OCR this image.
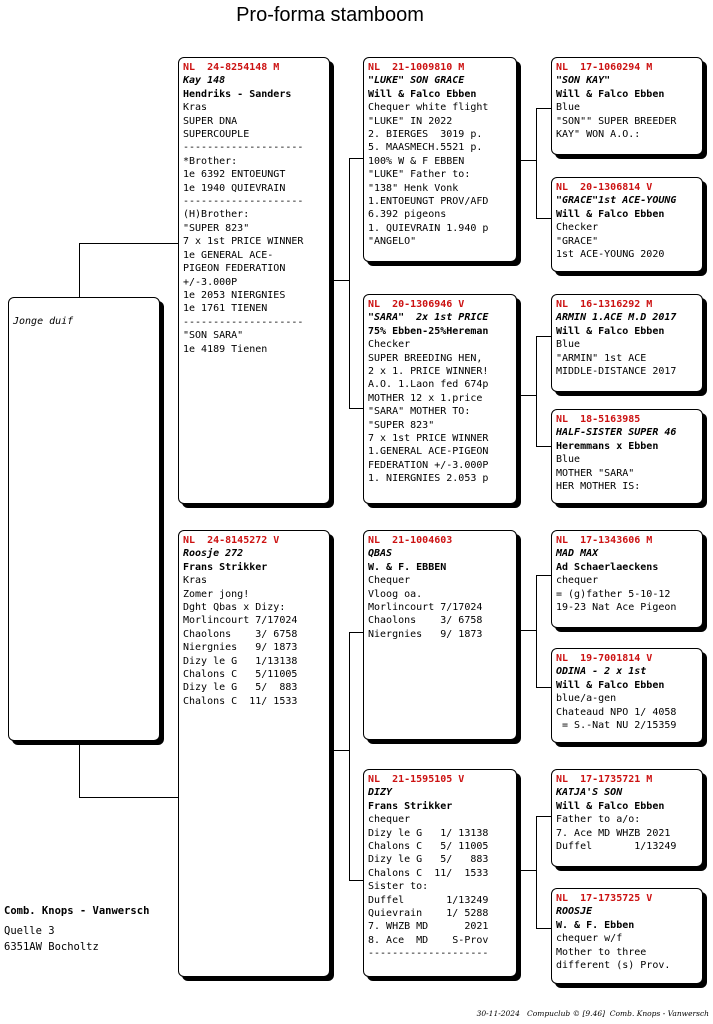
Pro-forma stamboom
Jonge duif
NL  24-8254148 M
Kay 148
Hendriks - Sanders
Kras
SUPER DNA
SUPERCOUPLE
--------------------
*Brother:
1e 6392 ENTOEUNGT
1e 1940 QUIEVRAIN
--------------------
(H)Brother:
"SUPER 823"
7 x 1st PRICE WINNER
1e GENERAL ACE-
PIGEON FEDERATION
+/-3.000P
1e 2053 NIERGNIES
1e 1761 TIENEN
--------------------
"SON SARA"
1e 4189 Tienen
NL  24-8145272 V
Roosje 272
Frans Strikker
Kras
Zomer jong!
Dght Qbas x Dizy:
Morlincourt 7/17024
Chaolons    3/ 6758
Niergnies   9/ 1873
Dizy le G   1/13138
Chalons C   5/11005
Dizy le G   5/  883
Chalons C  11/ 1533
NL  21-1009810 M
"LUKE" SON GRACE
Will & Falco Ebben
Chequer white flight
"LUKE" IN 2022
2. BIERGES  3019 p.
5. MAASMECH.5521 p.
100% W & F EBBEN
"LUKE" Father to:
"138" Henk Vonk
1.ENTOEUNGT PROV/AFD
6.392 pigeons
1. QUIEVRAIN 1.940 p
"ANGELO"
NL  20-1306946 V
"SARA"  2x 1st PRICE
75% Ebben-25%Hereman
Checker
SUPER BREEDING HEN,
2 x 1. PRICE WINNER!
A.O. 1.Laon fed 674p
MOTHER 12 x 1.price
"SARA" MOTHER TO:
"SUPER 823"
7 x 1st PRICE WINNER
1.GENERAL ACE-PIGEON
FEDERATION +/-3.000P
1. NIERGNIES 2.053 p
NL  21-1004603
QBAS
W. & F. EBBEN
Chequer
Vloog oa.
Morlincourt 7/17024
Chaolons    3/ 6758
Niergnies   9/ 1873
NL  21-1595105 V
DIZY
Frans Strikker
chequer
Dizy le G   1/ 13138
Chalons C   5/ 11005
Dizy le G   5/   883
Chalons C  11/  1533
Sister to:
Duffel       1/13249
Quievrain    1/ 5288
7. WHZB MD      2021
8. Ace  MD    S-Prov
--------------------
NL  17-1060294 M
"SON KAY"
Will & Falco Ebben
Blue
"SON"" SUPER BREEDER
KAY" WON A.O.:
NL  20-1306814 V
"GRACE"1st ACE-YOUNG
Will & Falco Ebben
Checker
"GRACE"
1st ACE-YOUNG 2020
NL  16-1316292 M
ARMIN 1.ACE M.D 2017
Will & Falco Ebben
Blue
"ARMIN" 1st ACE
MIDDLE-DISTANCE 2017
NL  18-5163985
HALF-SISTER SUPER 46
Heremmans x Ebben
Blue
MOTHER "SARA"
HER MOTHER IS:
NL  17-1343606 M
MAD MAX
Ad Schaerlaeckens
chequer
= (g)father 5-10-12
19-23 Nat Ace Pigeon
NL  19-7001814 V
ODINA - 2 x 1st
Will & Falco Ebben
blue/a-gen
Chateaud NPO 1/ 4058
= S.-Nat NU 2/15359
NL  17-1735721 M
KATJA'S SON
Will & Falco Ebben
Father to a/o:
7. Ace MD WHZB 2021
Duffel       1/13249
NL  17-1735725 V
ROOSJE
W. & F. Ebben
chequer w/f
Mother to three
different (s) Prov.
Comb. Knops - Vanwersch
Quelle 3
6351AW Bocholtz
30-11-2024   Compuclub © [9.46]  Comb. Knops - Vanwersch
